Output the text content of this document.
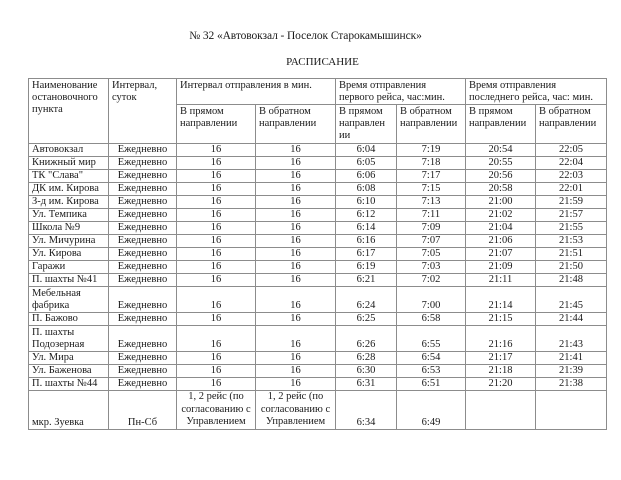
№ 32 «Автовокзал - Поселок Старокамышинск»
РАСПИСАНИЕ
Наименование остановочного пункта	Интервал, суток	Интервал отправления в мин.		Время отправления первого рейса, час:мин.		Время отправления последнего рейса, час: мин.	
		В прямом направлении	В обратном направлении	В прямом направлен ии	В обратном направлении	В прямом направлении	В обратном направлении
Автовокзал	Ежедневно	16	16	6:04	7:19	20:54	22:05
Книжный мир	Ежедневно	16	16	6:05	7:18	20:55	22:04
ТК "Слава"	Ежедневно	16	16	6:06	7:17	20:56	22:03
ДК им. Кирова	Ежедневно	16	16	6:08	7:15	20:58	22:01
З-д им. Кирова	Ежедневно	16	16	6:10	7:13	21:00	21:59
Ул. Темпика	Ежедневно	16	16	6:12	7:11	21:02	21:57
Школа №9	Ежедневно	16	16	6:14	7:09	21:04	21:55
Ул. Мичурина	Ежедневно	16	16	6:16	7:07	21:06	21:53
Ул. Кирова	Ежедневно	16	16	6:17	7:05	21:07	21:51
Гаражи	Ежедневно	16	16	6:19	7:03	21:09	21:50
П. шахты №41	Ежедневно	16	16	6:21	7:02	21:11	21:48
Мебельная фабрика	Ежедневно	16	16	6:24	7:00	21:14	21:45
П. Бажово	Ежедневно	16	16	6:25	6:58	21:15	21:44
П. шахты Подозерная	Ежедневно	16	16	6:26	6:55	21:16	21:43
Ул. Мира	Ежедневно	16	16	6:28	6:54	21:17	21:41
Ул. Баженова	Ежедневно	16	16	6:30	6:53	21:18	21:39
П. шахты №44	Ежедневно	16	16	6:31	6:51	21:20	21:38
мкр. Зуевка	Пн-Сб	1, 2 рейс (по согласованию с Управлением	1, 2 рейс (по согласованию с Управлением	6:34	6:49		
